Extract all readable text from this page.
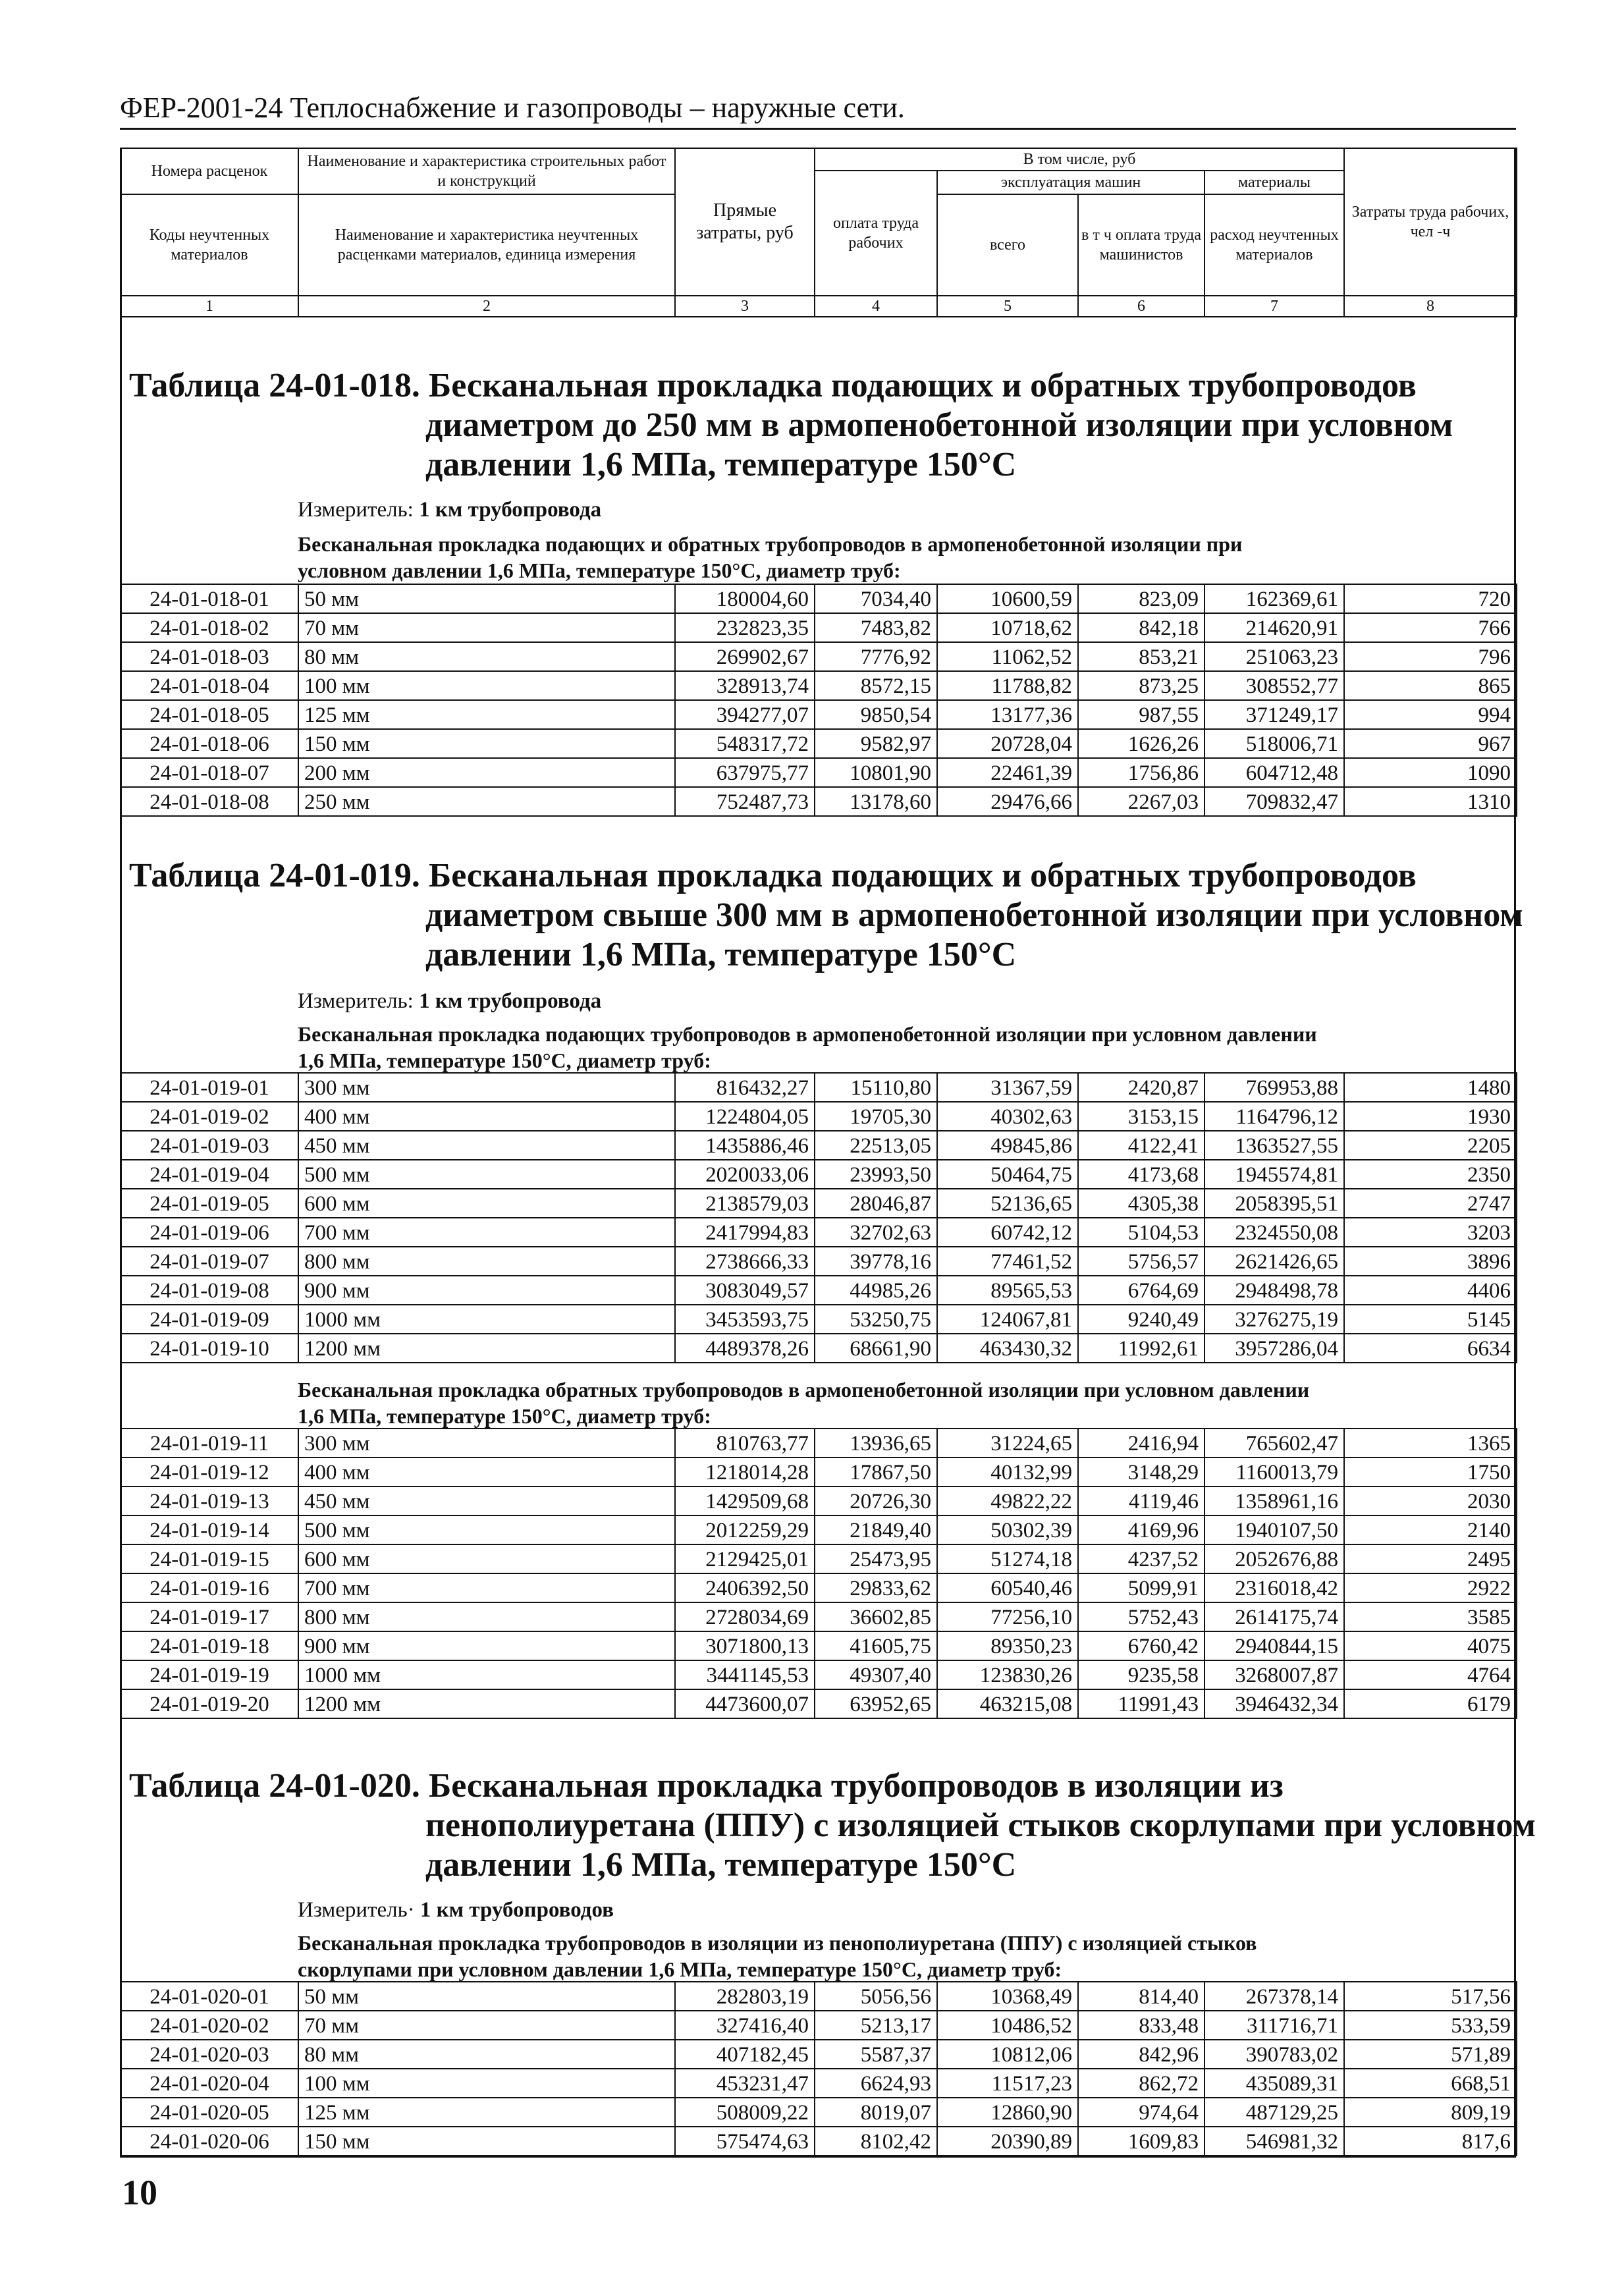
ФЕР-2001-24 Теплоснабжение и газопроводы – наружные сети.
Номера расценок	Наименование и характеристика строительных работ и конструкций	Прямые затраты, руб	В том числе, руб				Затраты труда рабочих, чел -ч
			оплата труда рабочих	эксплуатация машин		материалы	
Коды неучтенных материалов	Наименование и характеристика неучтенных расценками материалов, единица измерения			всего	в т ч оплата труда машинистов	расход неучтенных материалов	

1	2	3	4	5	6	7	8
Таблица 24-01-018. Бесканальная прокладка подающих и обратных трубопроводов
диаметром до 250 мм в армопенобетонной изоляции при условном
давлении 1,6 МПа, температуре 150°С
Измеритель: 1 км трубопровода
Бесканальная прокладка подающих и обратных трубопроводов в армопенобетонной изоляции при
условном давлении 1,6 МПа, температуре 150°С, диаметр труб:
24-01-018-01	50 мм	180004,60	7034,40	10600,59	823,09	162369,61	720
24-01-018-02	70 мм	232823,35	7483,82	10718,62	842,18	214620,91	766
24-01-018-03	80 мм	269902,67	7776,92	11062,52	853,21	251063,23	796
24-01-018-04	100 мм	328913,74	8572,15	11788,82	873,25	308552,77	865
24-01-018-05	125 мм	394277,07	9850,54	13177,36	987,55	371249,17	994
24-01-018-06	150 мм	548317,72	9582,97	20728,04	1626,26	518006,71	967
24-01-018-07	200 мм	637975,77	10801,90	22461,39	1756,86	604712,48	1090
24-01-018-08	250 мм	752487,73	13178,60	29476,66	2267,03	709832,47	1310
Таблица 24-01-019. Бесканальная прокладка подающих и обратных трубопроводов
диаметром свыше 300 мм в армопенобетонной изоляции при условном
давлении 1,6 МПа, температуре 150°С
Измеритель: 1 км трубопровода
Бесканальная прокладка подающих трубопроводов в армопенобетонной изоляции при условном давлении
1,6 МПа, температуре 150°С, диаметр труб:
24-01-019-01	300 мм	816432,27	15110,80	31367,59	2420,87	769953,88	1480
24-01-019-02	400 мм	1224804,05	19705,30	40302,63	3153,15	1164796,12	1930
24-01-019-03	450 мм	1435886,46	22513,05	49845,86	4122,41	1363527,55	2205
24-01-019-04	500 мм	2020033,06	23993,50	50464,75	4173,68	1945574,81	2350
24-01-019-05	600 мм	2138579,03	28046,87	52136,65	4305,38	2058395,51	2747
24-01-019-06	700 мм	2417994,83	32702,63	60742,12	5104,53	2324550,08	3203
24-01-019-07	800 мм	2738666,33	39778,16	77461,52	5756,57	2621426,65	3896
24-01-019-08	900 мм	3083049,57	44985,26	89565,53	6764,69	2948498,78	4406
24-01-019-09	1000 мм	3453593,75	53250,75	124067,81	9240,49	3276275,19	5145
24-01-019-10	1200 мм	4489378,26	68661,90	463430,32	11992,61	3957286,04	6634
Бесканальная прокладка обратных трубопроводов в армопенобетонной изоляции при условном давлении
1,6 МПа, температуре 150°С, диаметр труб:
24-01-019-11	300 мм	810763,77	13936,65	31224,65	2416,94	765602,47	1365
24-01-019-12	400 мм	1218014,28	17867,50	40132,99	3148,29	1160013,79	1750
24-01-019-13	450 мм	1429509,68	20726,30	49822,22	4119,46	1358961,16	2030
24-01-019-14	500 мм	2012259,29	21849,40	50302,39	4169,96	1940107,50	2140
24-01-019-15	600 мм	2129425,01	25473,95	51274,18	4237,52	2052676,88	2495
24-01-019-16	700 мм	2406392,50	29833,62	60540,46	5099,91	2316018,42	2922
24-01-019-17	800 мм	2728034,69	36602,85	77256,10	5752,43	2614175,74	3585
24-01-019-18	900 мм	3071800,13	41605,75	89350,23	6760,42	2940844,15	4075
24-01-019-19	1000 мм	3441145,53	49307,40	123830,26	9235,58	3268007,87	4764
24-01-019-20	1200 мм	4473600,07	63952,65	463215,08	11991,43	3946432,34	6179
Таблица 24-01-020. Бесканальная прокладка трубопроводов в изоляции из
пенополиуретана (ППУ) с изоляцией стыков скорлупами при условном
давлении 1,6 МПа, температуре 150°С
Измеритель· 1 км трубопроводов
Бесканальная прокладка трубопроводов в изоляции из пенополиуретана (ППУ) с изоляцией стыков
скорлупами при условном давлении 1,6 МПа, температуре 150°С, диаметр труб:
24-01-020-01	50 мм	282803,19	5056,56	10368,49	814,40	267378,14	517,56
24-01-020-02	70 мм	327416,40	5213,17	10486,52	833,48	311716,71	533,59
24-01-020-03	80 мм	407182,45	5587,37	10812,06	842,96	390783,02	571,89
24-01-020-04	100 мм	453231,47	6624,93	11517,23	862,72	435089,31	668,51
24-01-020-05	125 мм	508009,22	8019,07	12860,90	974,64	487129,25	809,19
24-01-020-06	150 мм	575474,63	8102,42	20390,89	1609,83	546981,32	817,6
10
